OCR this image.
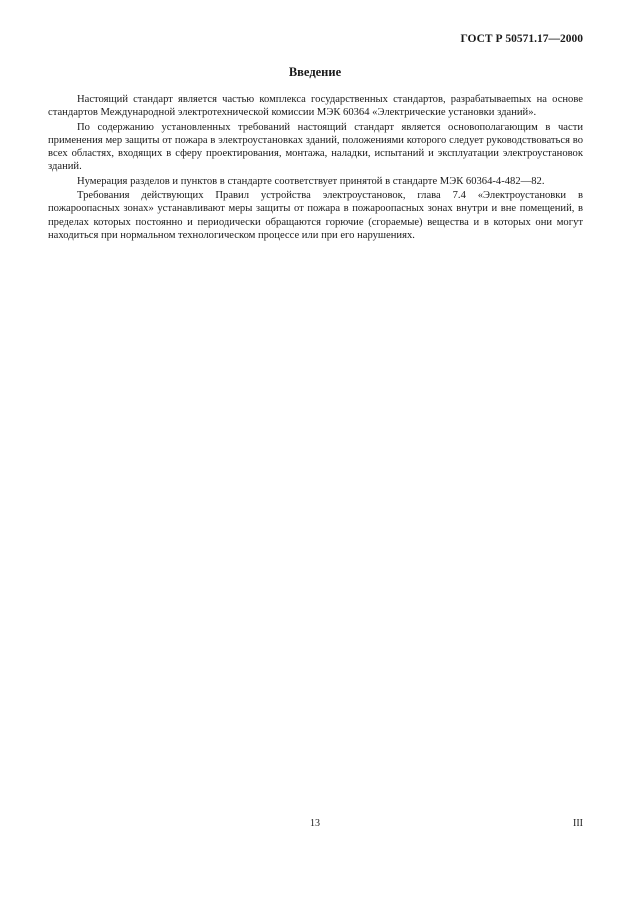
ГОСТ Р 50571.17—2000
Введение

Настоящий стандарт является частью комплекса государственных стандартов, разрабатываеmых на основе стандартов Международной электротехнической комиссии МЭК 60364 «Электрические установки зданий».

По содержанию установленных требований настоящий стандарт является основополагающим в части применения мер защиты от пожара в электроустановках зданий, положениями которого следует руководствоваться во всех областях, входящих в сферу проектирования, монтажа, наладки, испытаний и эксплуатации электроустановок зданий.

Нумерация разделов и пунктов в стандарте соответствует принятой в стандарте МЭК 60364-4-482—82.

Требования действующих Правил устройства электроустановок, глава 7.4 «Электроустановки в пожароопасных зонах» устанавливают меры защиты от пожара в пожароопасных зонах внутри и вне помещений, в пределах которых постоянно и периодически обращаются горючие (сгораемые) вещества и в которых они могут находиться при нормальном технологическом процессе или при его нарушениях.

13	III
